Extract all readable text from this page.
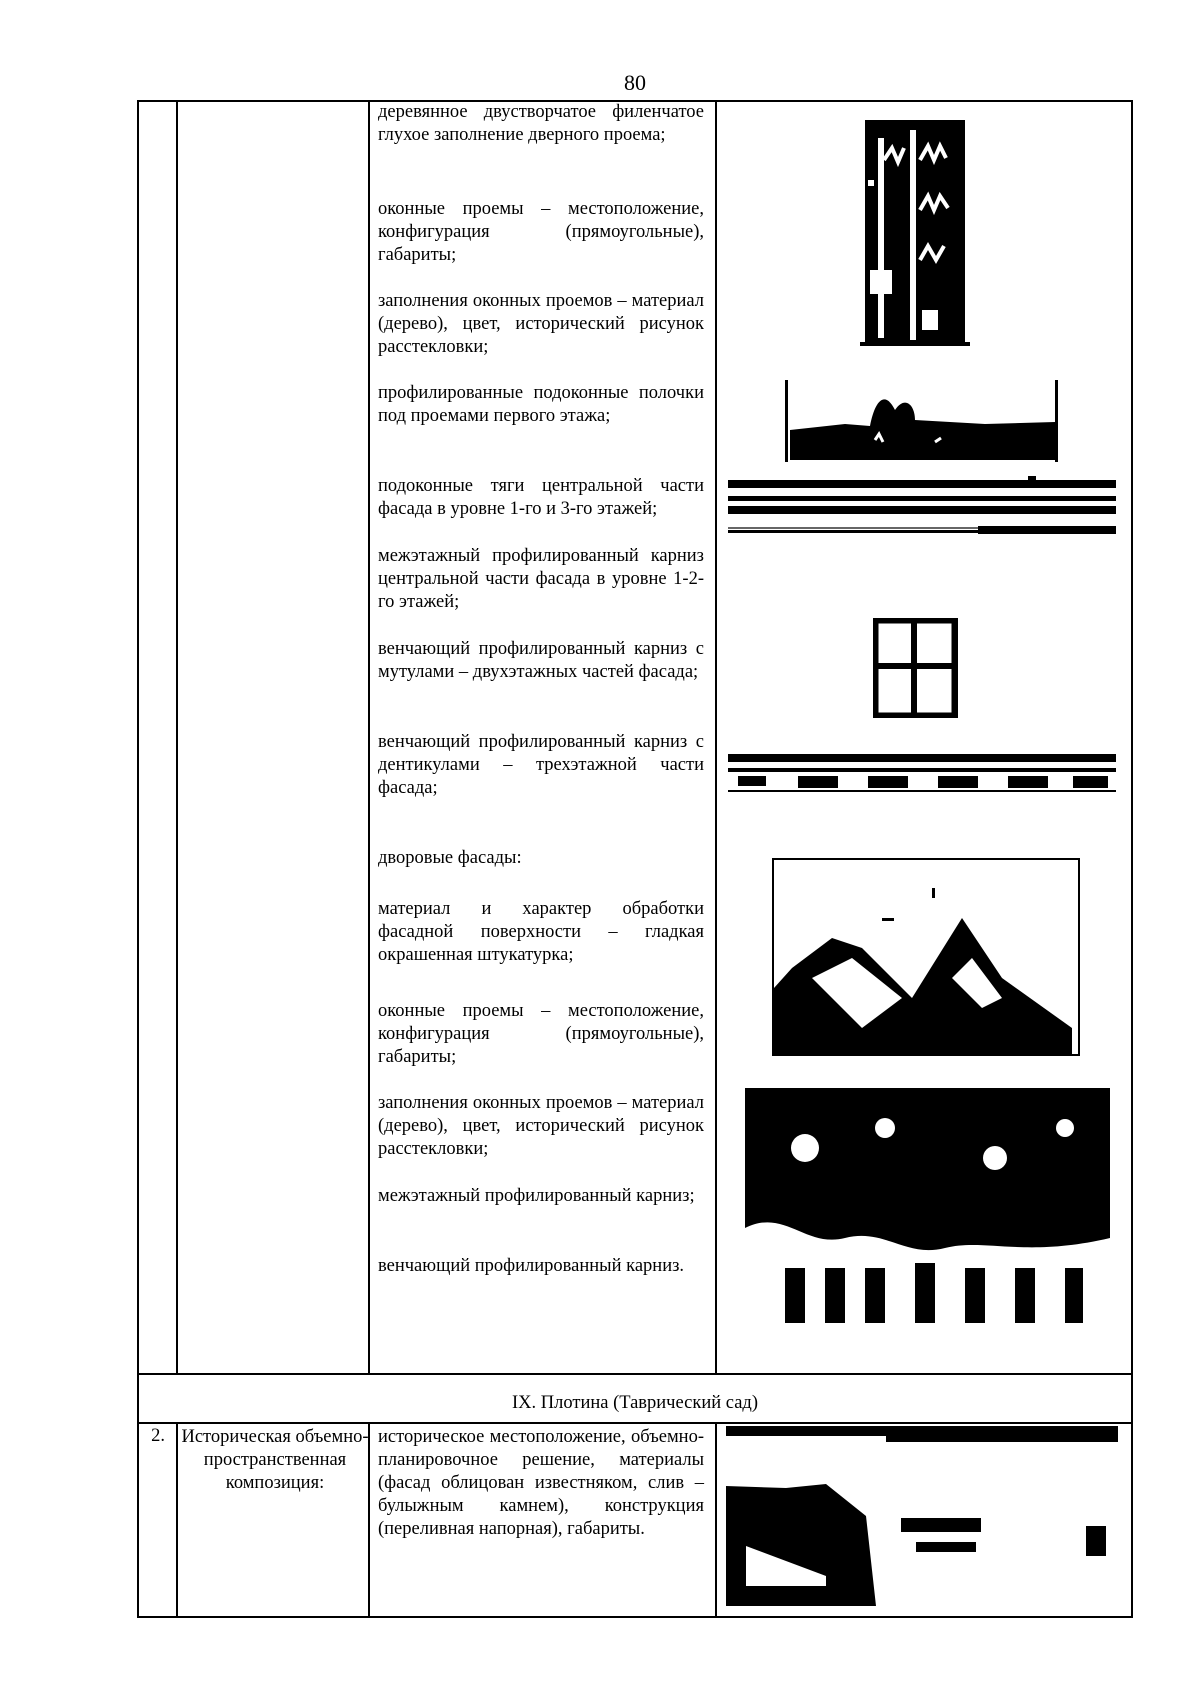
80
деревянное двустворчатое филенчатое глухое заполнение дверного проема;
оконные проемы – местоположение, конфигурация (прямоугольные), габариты;
заполнения оконных проемов – материал (дерево), цвет, исторический рисунок расстекловки;
профилированные подоконные полочки под проемами первого этажа;
подоконные тяги центральной части фасада в уровне 1-го и 3-го этажей;
межэтажный профилированный карниз центральной части фасада в уровне 1-2-го этажей;
венчающий профилированный карниз с мутулами – двухэтажных частей фасада;
венчающий профилированный карниз с дентикулами – трехэтажной части фасада;
дворовые фасады:
материал и характер обработки фасадной поверхности – гладкая окрашенная штукатурка;
оконные проемы – местоположение, конфигурация (прямоугольные), габариты;
заполнения оконных проемов – материал (дерево), цвет, исторический рисунок расстекловки;
межэтажный профилированный карниз;
венчающий профилированный карниз.
IX. Плотина (Таврический сад)
2. Историческая объемно-пространственная композиция:
историческое местоположение, объемно-планировочное решение, материалы (фасад облицован известняком, слив – булыжным камнем), конструкция (переливная напорная), габариты.
